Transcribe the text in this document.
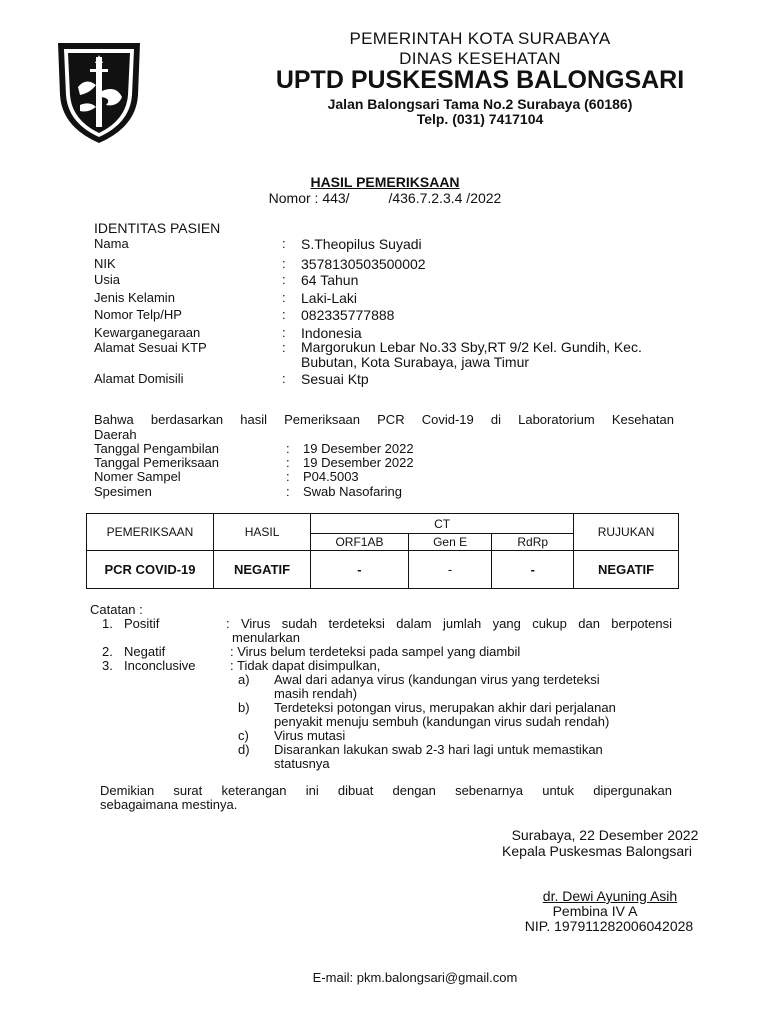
PEMERINTAH KOTA SURABAYA
DINAS KESEHATAN
UPTD PUSKESMAS BALONGSARI
Jalan Balongsari Tama No.2 Surabaya (60186)
Telp. (031) 7417104
HASIL PEMERIKSAAN
Nomor : 443/          /436.7.2.3.4 /2022
IDENTITAS PASIEN
Nama	: S.Theopilus Suyadi
NIK	: 3578130503500002
Usia	: 64 Tahun
Jenis Kelamin	: Laki-Laki
Nomor Telp/HP	: 082335777888
Kewarganegaraan	: Indonesia
Alamat Sesuai KTP	: Margorukun Lebar No.33 Sby,RT 9/2 Kel. Gundih, Kec.
Bubutan, Kota Surabaya, jawa Timur
Alamat Domisili	: Sesuai Ktp
Bahwa berdasarkan hasil Pemeriksaan PCR Covid-19 di Laboratorium Kesehatan
Daerah
Tanggal Pengambilan	: 19 Desember 2022
Tanggal Pemeriksaan	: 19 Desember 2022
Nomer Sampel	: P04.5003
Spesimen	: Swab Nasofaring
PEMERIKSAAN	HASIL	CT			RUJUKAN
		ORF1AB	Gen E	RdRp	
PCR COVID-19	NEGATIF	-	-	-	NEGATIF
Catatan :
1. Positif	: Virus sudah terdeteksi dalam jumlah yang cukup dan berpotensi
menularkan
2. Negatif	: Virus belum terdeteksi pada sampel yang diambil
3. Inconclusive	: Tidak dapat disimpulkan,
a) Awal dari adanya virus (kandungan virus yang terdeteksi
masih rendah)
b) Terdeteksi potongan virus, merupakan akhir dari perjalanan
penyakit menuju sembuh (kandungan virus sudah rendah)
c) Virus mutasi
d) Disarankan lakukan swab 2-3 hari lagi untuk memastikan
statusnya
Demikian surat keterangan ini dibuat dengan sebenarnya untuk dipergunakan
sebagaimana mestinya.
Surabaya, 22 Desember 2022
Kepala Puskesmas Balongsari
dr. Dewi Ayuning Asih
Pembina IV A
NIP. 197911282006042028
E-mail: pkm.balongsari@gmail.com
